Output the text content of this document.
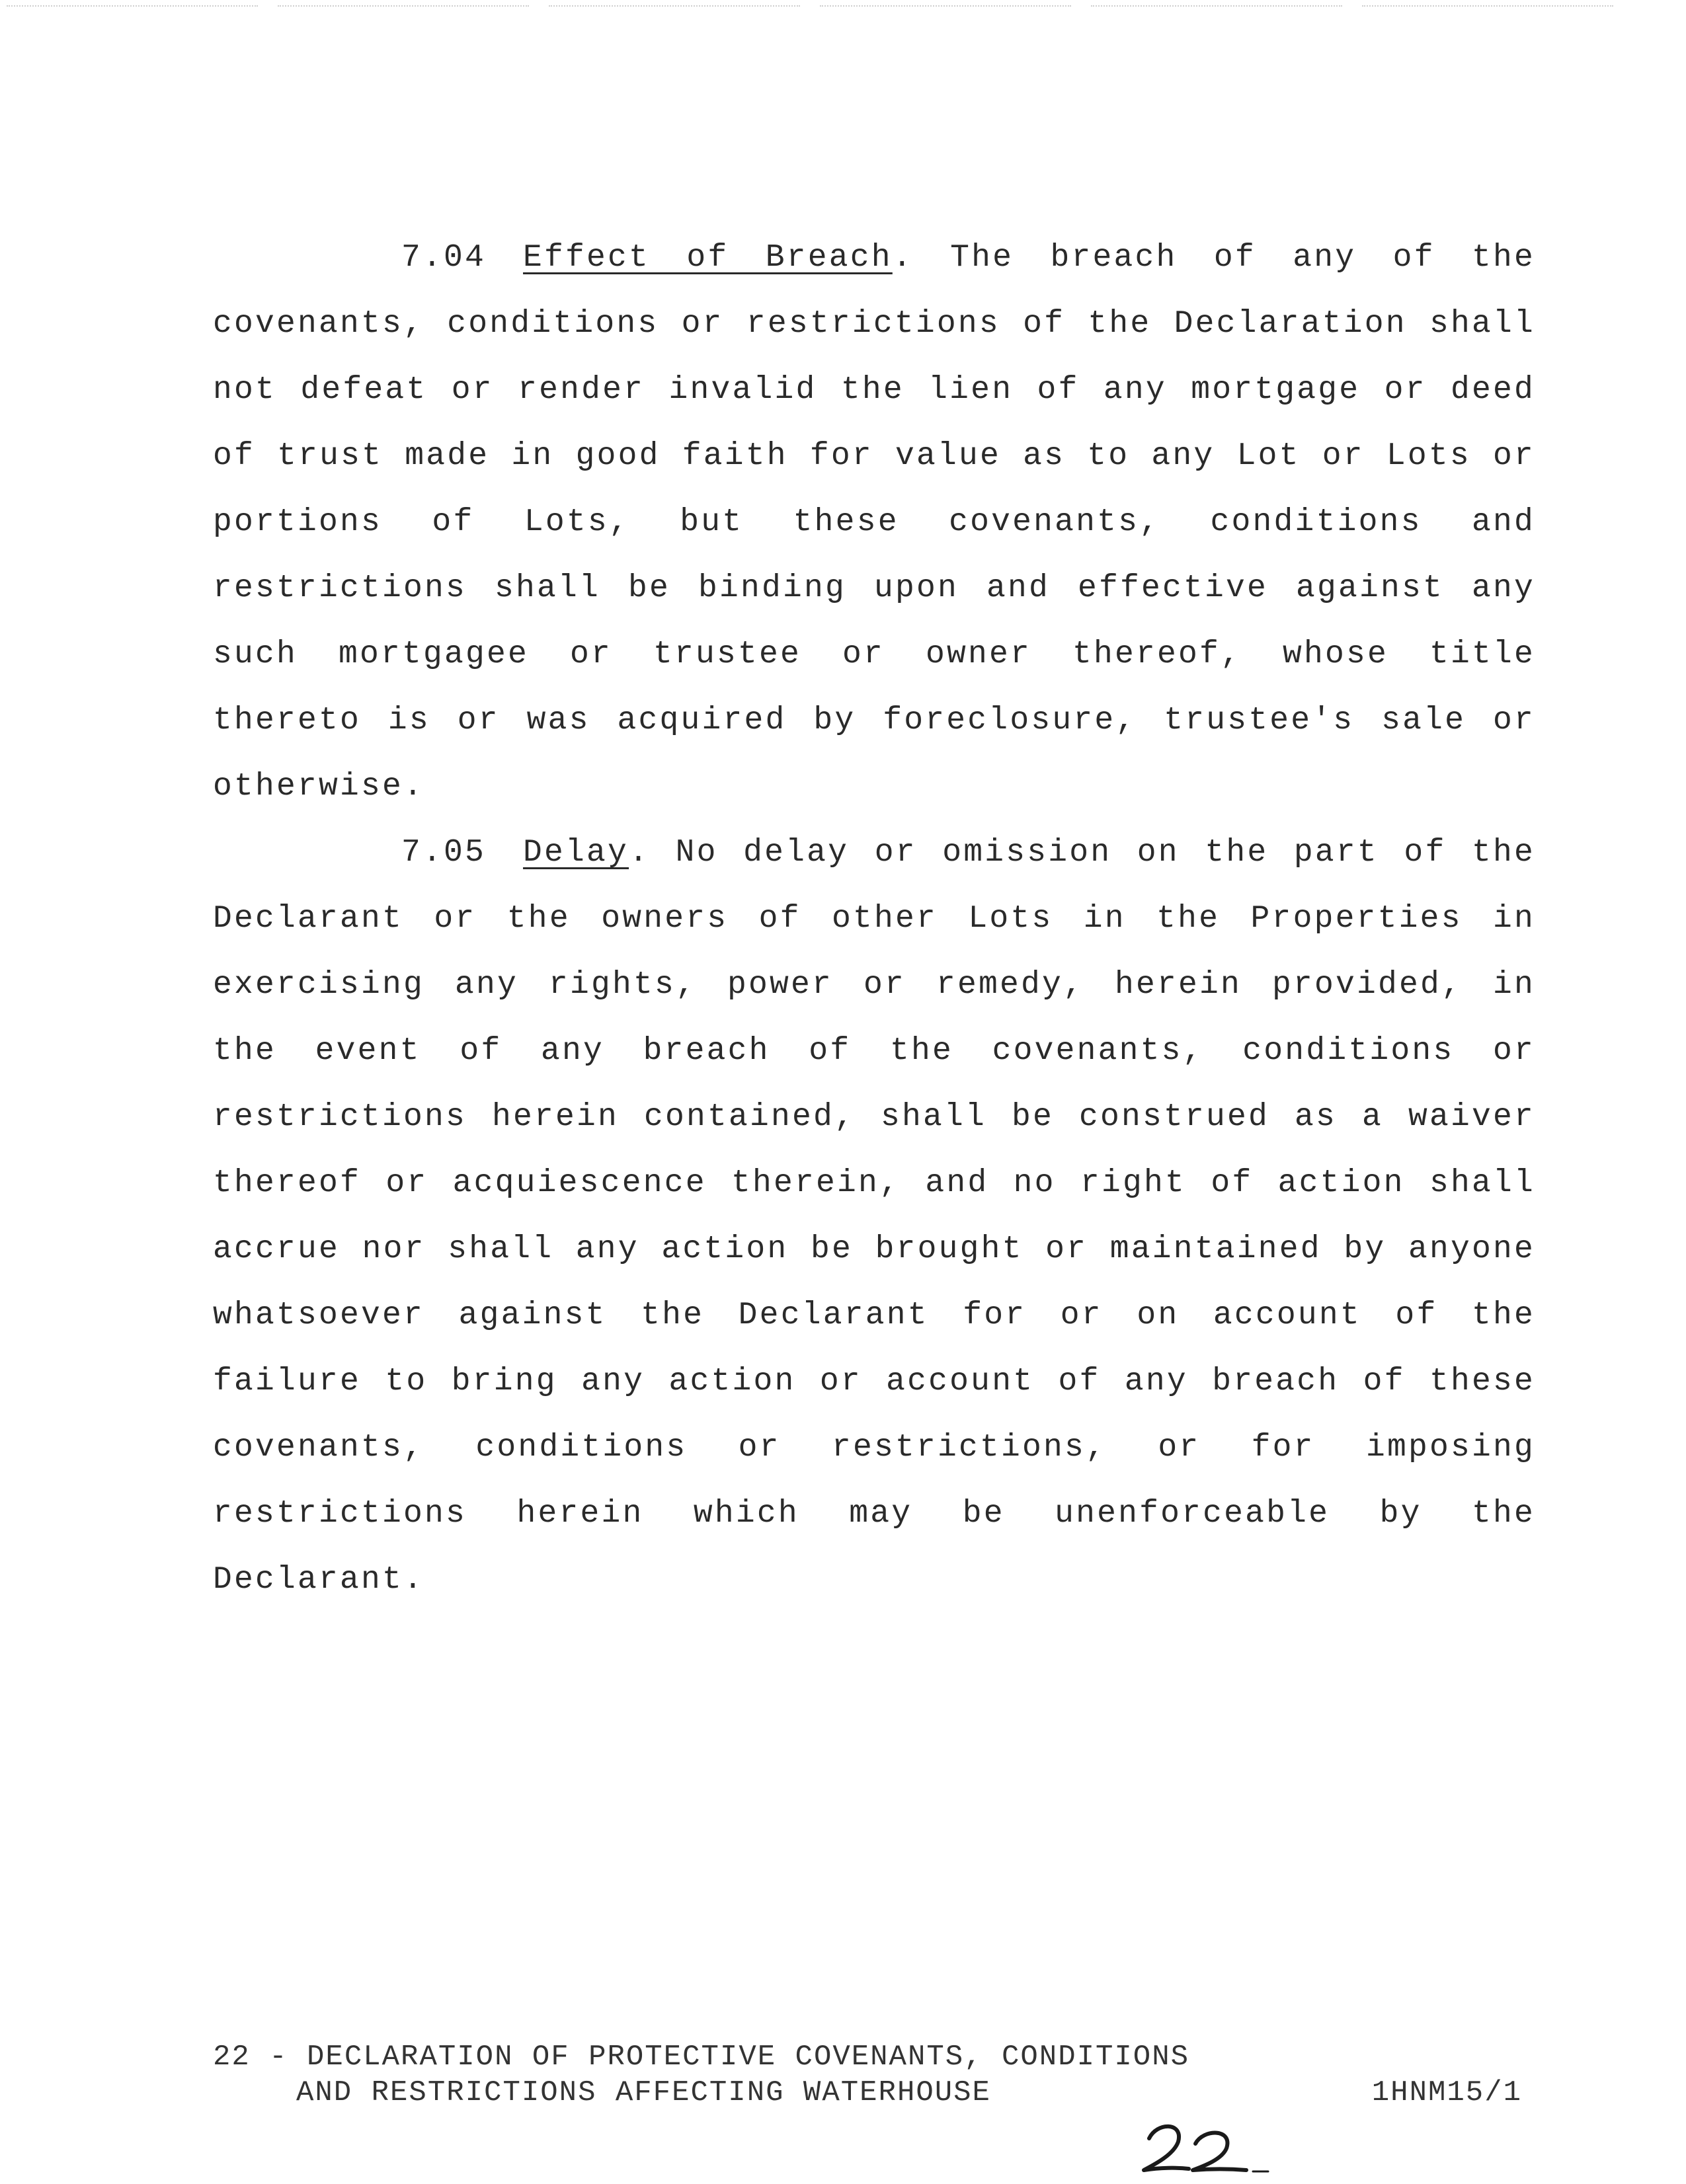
7.04 Effect of Breach. The breach of any of the covenants, conditions or restrictions of the Declaration shall not defeat or render invalid the lien of any mortgage or deed of trust made in good faith for value as to any Lot or Lots or portions of Lots, but these covenants, conditions and restrictions shall be binding upon and effective against any such mortgagee or trustee or owner thereof, whose title thereto is or was acquired by foreclosure, trustee's sale or otherwise.

7.05 Delay. No delay or omission on the part of the Declarant or the owners of other Lots in the Properties in exercising any rights, power or remedy, herein provided, in the event of any breach of the covenants, conditions or restrictions herein contained, shall be construed as a waiver thereof or acquiescence therein, and no right of action shall accrue nor shall any action be brought or maintained by anyone whatsoever against the Declarant for or on account of the failure to bring any action or account of any breach of these covenants, conditions or restrictions, or for imposing restrictions herein which may be unenforceable by the Declarant.

22 - DECLARATION OF PROTECTIVE COVENANTS, CONDITIONS
AND RESTRICTIONS AFFECTING WATERHOUSE	1HNM15/1
